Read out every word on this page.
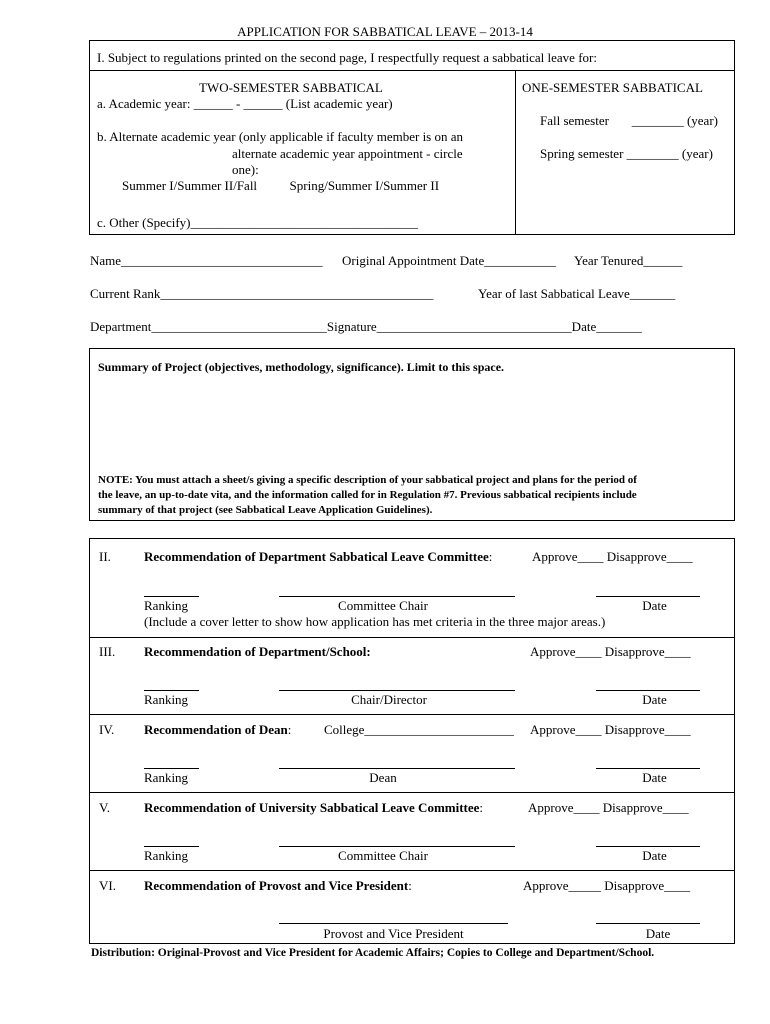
APPLICATION FOR SABBATICAL LEAVE – 2013-14
I. Subject to regulations printed on the second page, I respectfully request a sabbatical leave for:
TWO-SEMESTER SABBATICAL
a. Academic year: ______ - ______ (List academic year)
b. Alternate academic year (only applicable if faculty member is on an
alternate academic year appointment - circle
one):
Summer I/Summer II/Fall          Spring/Summer I/Summer II
c. Other (Specify)___________________________________
ONE-SEMESTER SABBATICAL
Fall semester       ________ (year)
Spring semester ________ (year)
Name_______________________________ Original Appointment Date___________ Year Tenured______
Current Rank__________________________________________	Year of last Sabbatical Leave_______
Department___________________________Signature______________________________Date_______
Summary of Project (objectives, methodology, significance). Limit to this space.
NOTE: You must attach a sheet/s giving a specific description of your sabbatical project and plans for the period of
the leave, an up-to-date vita, and the information called for in Regulation #7. Previous sabbatical recipients include
summary of that project (see Sabbatical Leave Application Guidelines).
II.	Recommendation of Department Sabbatical Leave Committee:	Approve____ Disapprove____
Ranking	Committee Chair	Date
(Include a cover letter to show how application has met criteria in the three major areas.)
III. Recommendation of Department/School:	Approve____ Disapprove____
Ranking	Chair/Director	Date
IV. Recommendation of Dean:	College_______________________ Approve____ Disapprove____
Ranking	Dean	Date
V.	Recommendation of University Sabbatical Leave Committee:	Approve____ Disapprove____
Ranking	Committee Chair	Date
VI. Recommendation of Provost and Vice President:	Approve_____ Disapprove____
Provost and Vice President	Date
Distribution: Original-Provost and Vice President for Academic Affairs; Copies to College and Department/School.
